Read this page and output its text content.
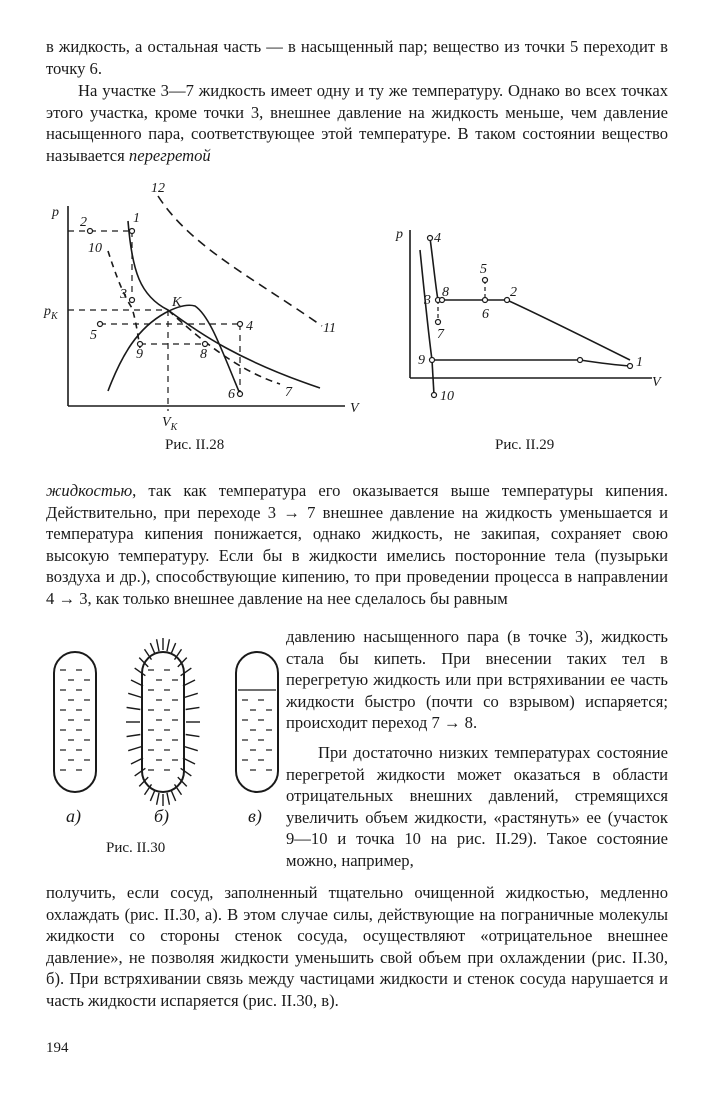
в жидкость, а остальная часть — в насыщенный пар; вещество из точки 5 переходит в точку 6.

На участке 3—7 жидкость имеет одну и ту же температуру. Однако во всех точках этого участка, кроме точки 3, внешнее давление на жидкость меньше, чем давление насыщенного пара, соответствующее этой температуре. В таком состоянии вещество называется перегретой

p
V
$p_K$
$V_K$
K
1
2
3
4
5
6	7
8
9
10
11
12
Рис. II.28
p
V
1
2
3
4
5
6
7
8
9
10
Рис. II.29

жидкостью, так как температура его оказывается выше температуры кипения. Действительно, при переходе 3 → 7 внешнее давление на жидкость уменьшается и температура кипения понижается, однако жидкость, не закипая, сохраняет свою высокую температуру. Если бы в жидкости имелись посторонние тела (пузырьки воздуха и др.), способствующие кипению, то при проведении процесса в направлении 4 → 3, как только внешнее давление на нее сделалось бы равным

а)	б)	в)
Рис. II.30

давлению насыщенного пара (в точке 3), жидкость стала бы кипеть. При внесении таких тел в перегретую жидкость или при встряхивании ее часть жидкости быстро (почти со взрывом) испаряется; происходит переход 7 → 8.

При достаточно низких температурах состояние перегретой жидкости может оказаться в области отрицательных внешних давлений, стремящихся увеличить объем жидкости, «растянуть» ее (участок 9—10 и точка 10 на рис. II.29). Такое состояние можно, например,

получить, если сосуд, заполненный тщательно очищенной жидкостью, медленно охлаждать (рис. II.30, а). В этом случае силы, действующие на пограничные молекулы жидкости со стороны стенок сосуда, осуществляют «отрицательное внешнее давление», не позволяя жидкости уменьшить свой объем при охлаждении (рис. II.30, б). При встряхивании связь между частицами жидкости и стенок сосуда нарушается и часть жидкости испаряется (рис. II.30, в).

194
